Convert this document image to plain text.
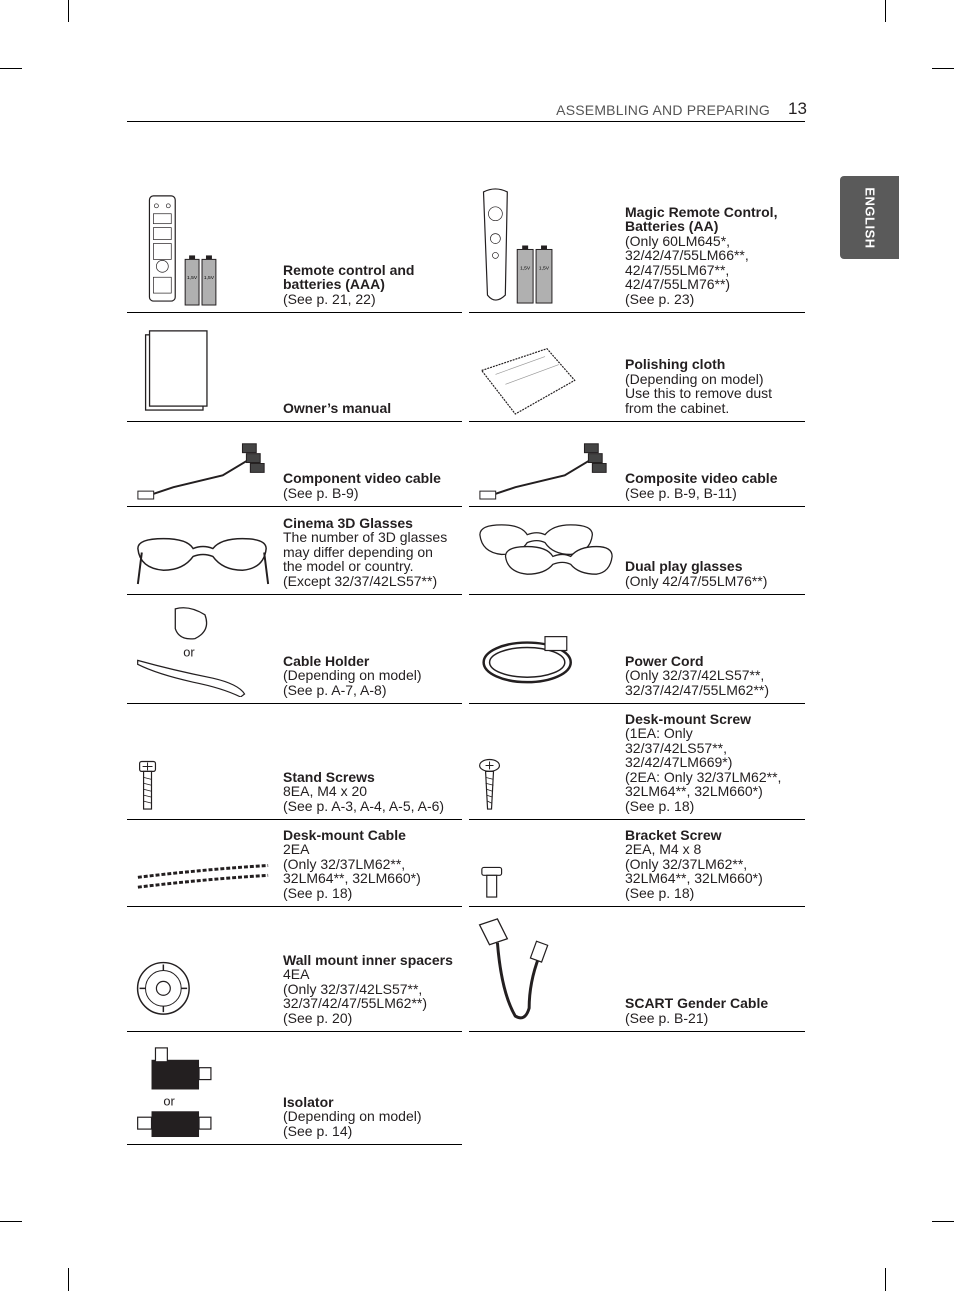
ASSEMBLING AND PREPARING 13
ENGLISH
1,5V 1,5V
Remote control and
batteries (AAA)
(See p. 21, 22)
1,5V 1,5V
Magic Remote Control,
Batteries (AA)
(Only 60LM645*,
32/42/47/55LM66**,
42/47/55LM67**,
42/47/55LM76**)
(See p. 23)
Owner’s manual
Polishing cloth
(Depending on model)
Use this to remove dust
from the cabinet.
Component video cable
(See p. B-9)
Composite video cable
(See p. B-9, B-11)
Cinema 3D Glasses
The number of 3D glasses
may differ depending on
the model or country.
(Except 32/37/42LS57**)
Dual play glasses
(Only 42/47/55LM76**)
or
Cable Holder
(Depending on model)
(See p. A-7, A-8)
Power Cord
(Only 32/37/42LS57**,
32/37/42/47/55LM62**)
Stand Screws
8EA, M4 x 20
(See p. A-3, A-4, A-5, A-6)
Desk-mount Screw
(1EA: Only
32/37/42LS57**,
32/42/47LM669*)
(2EA: Only 32/37LM62**,
32LM64**, 32LM660*)
(See p. 18)
Desk-mount Cable
2EA
(Only 32/37LM62**,
32LM64**, 32LM660*)
(See p. 18)
Bracket Screw
2EA, M4 x 8
(Only 32/37LM62**,
32LM64**, 32LM660*)
(See p. 18)
Wall mount inner spacers
4EA
(Only 32/37/42LS57**,
32/37/42/47/55LM62**)
(See p. 20)
SCART Gender Cable
(See p. B-21)
or	Isolator
(Depending on model)
(See p. 14)
